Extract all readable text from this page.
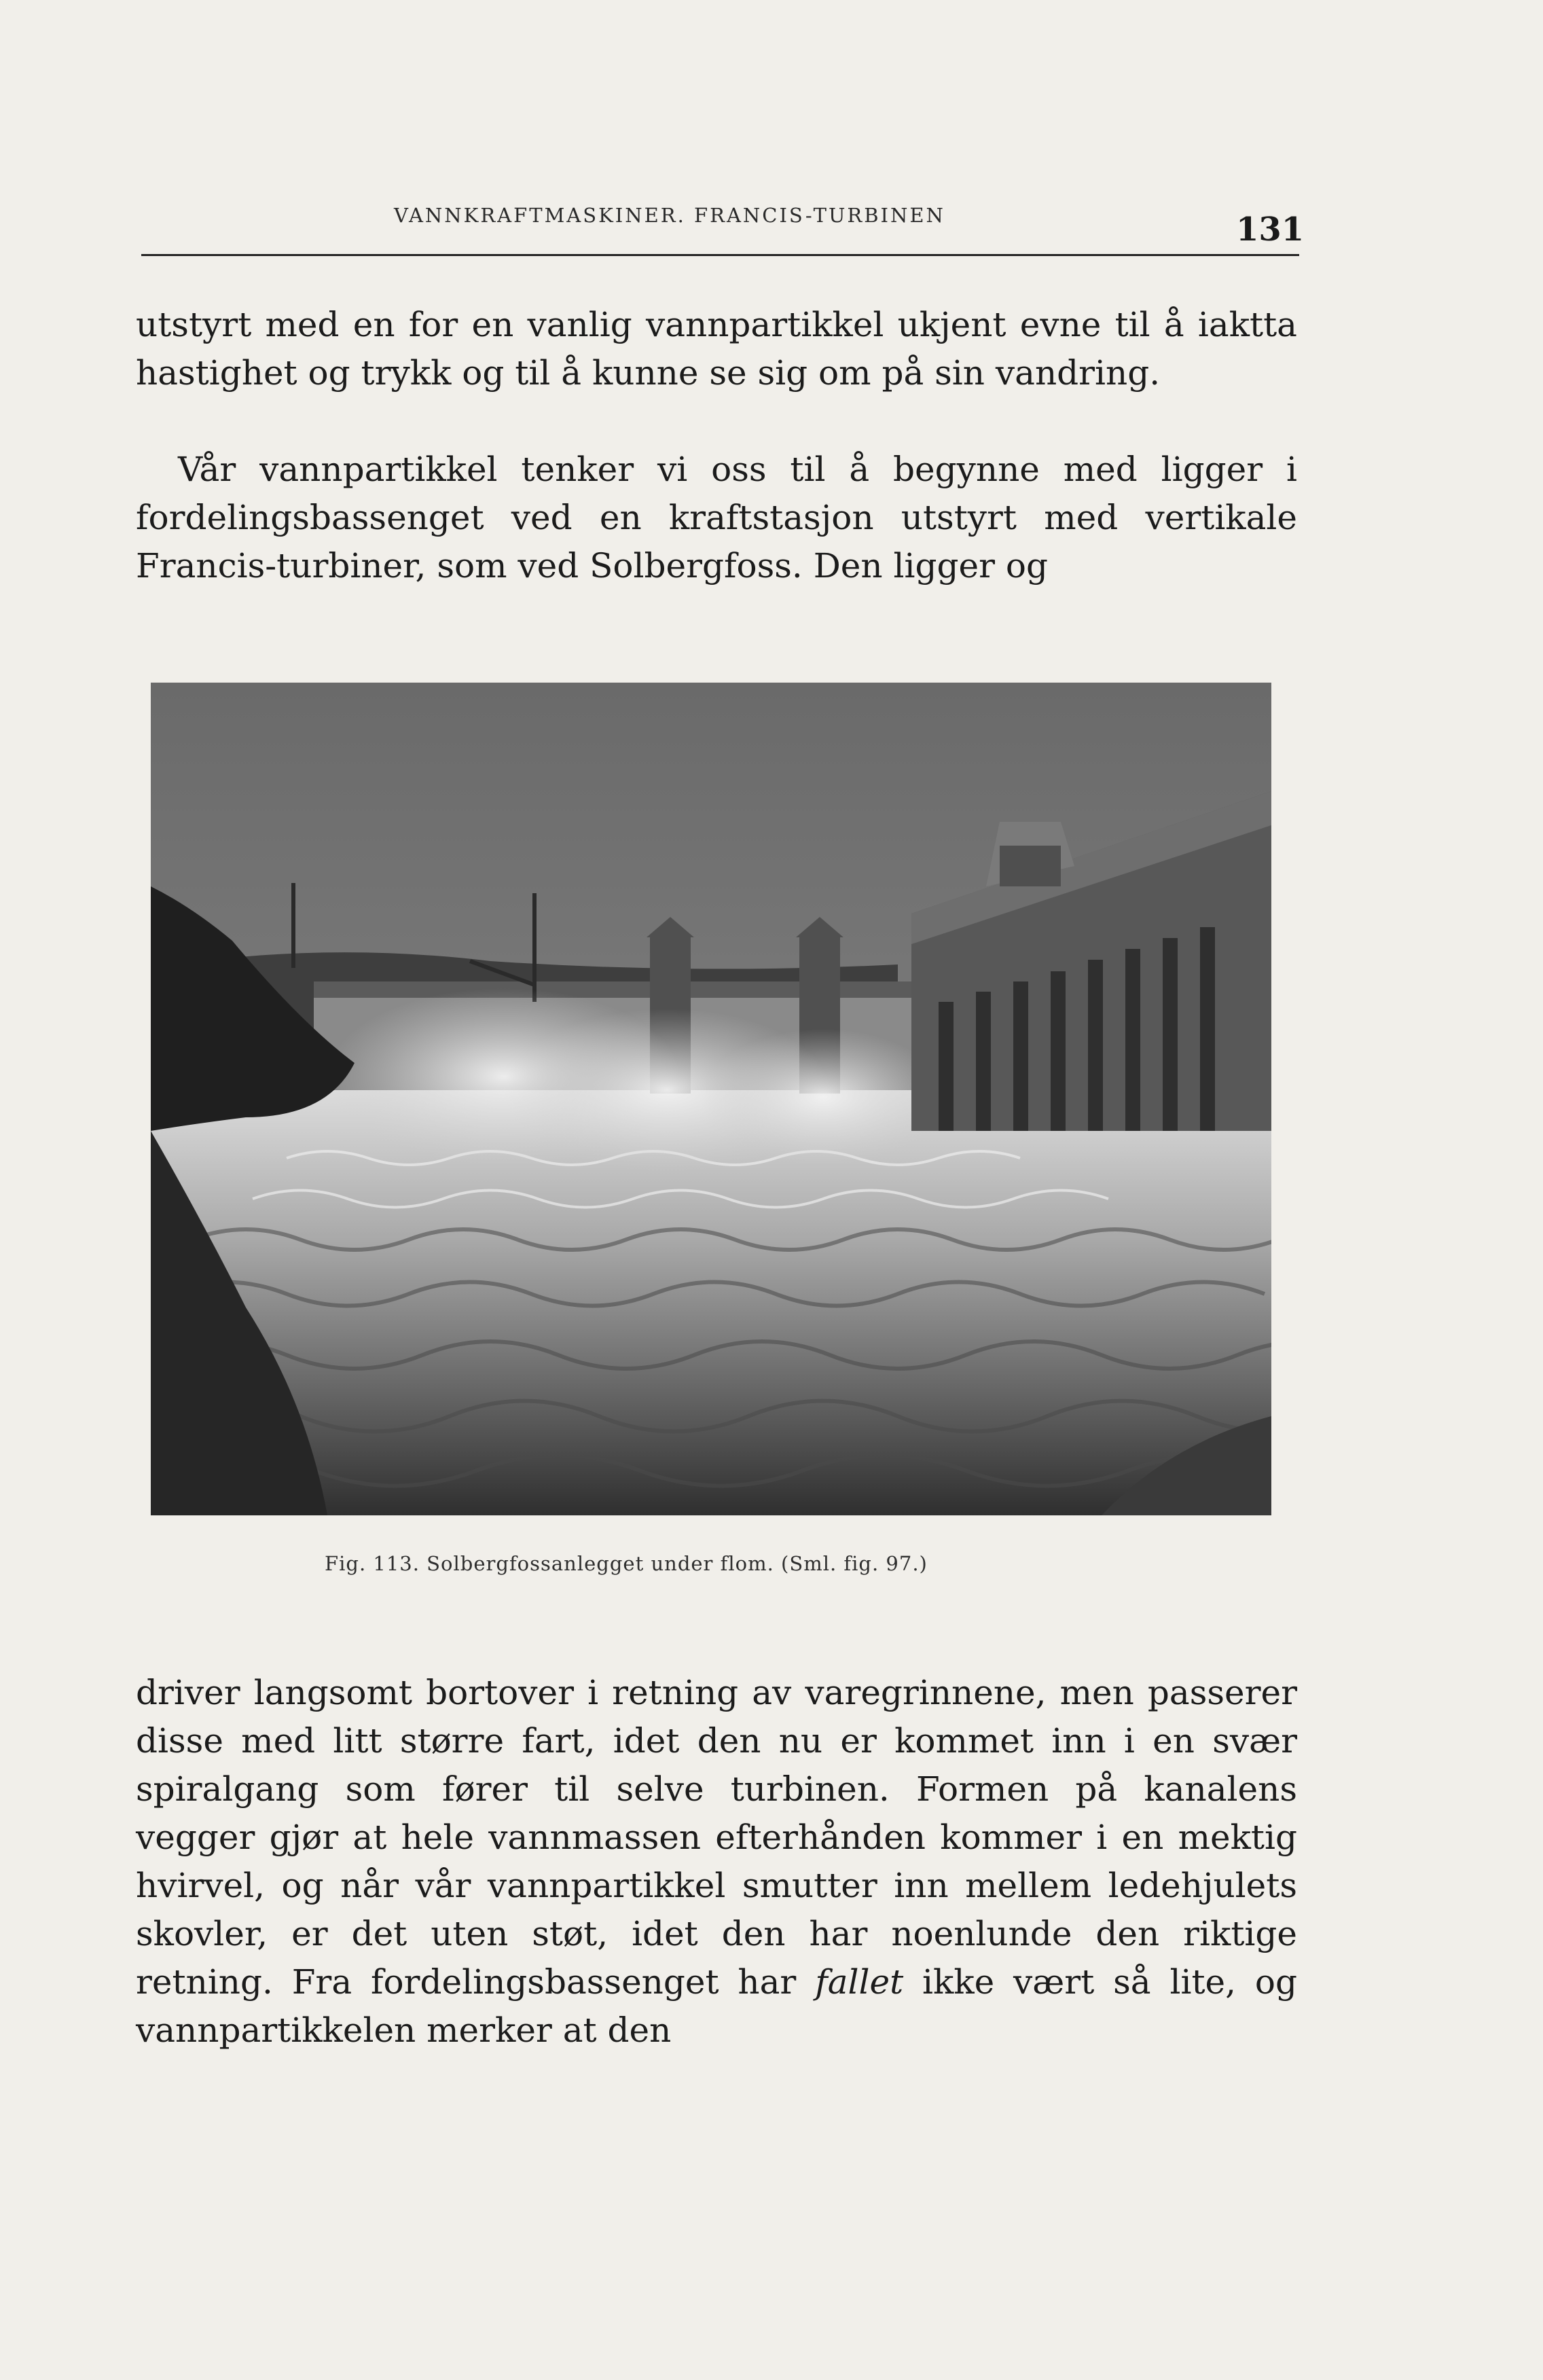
VANNKRAFTMASKINER. FRANCIS-TURBINEN	131

utstyrt med en for en vanlig vannpartikkel ukjent evne til å iaktta hastighet og trykk og til å kunne se sig om på sin vandring.

Vår vannpartikkel tenker vi oss til å begynne med ligger i fordelingsbassenget ved en kraftstasjon utstyrt med vertikale Francis-turbiner, som ved Solbergfoss. Den ligger og

Fig. 113. Solbergfossanlegget under flom. (Sml. fig. 97.)

driver langsomt bortover i retning av varegrinnene, men passerer disse med litt større fart, idet den nu er kommet inn i en svær spiralgang som fører til selve turbinen. Formen på kanalens vegger gjør at hele vannmassen efterhånden kommer i en mektig hvirvel, og når vår vannpartikkel smutter inn mellem ledehjulets skovler, er det uten støt, idet den har noenlunde den riktige retning. Fra fordelingsbassenget har fallet ikke vært så lite, og vannpartikkelen merker at den
